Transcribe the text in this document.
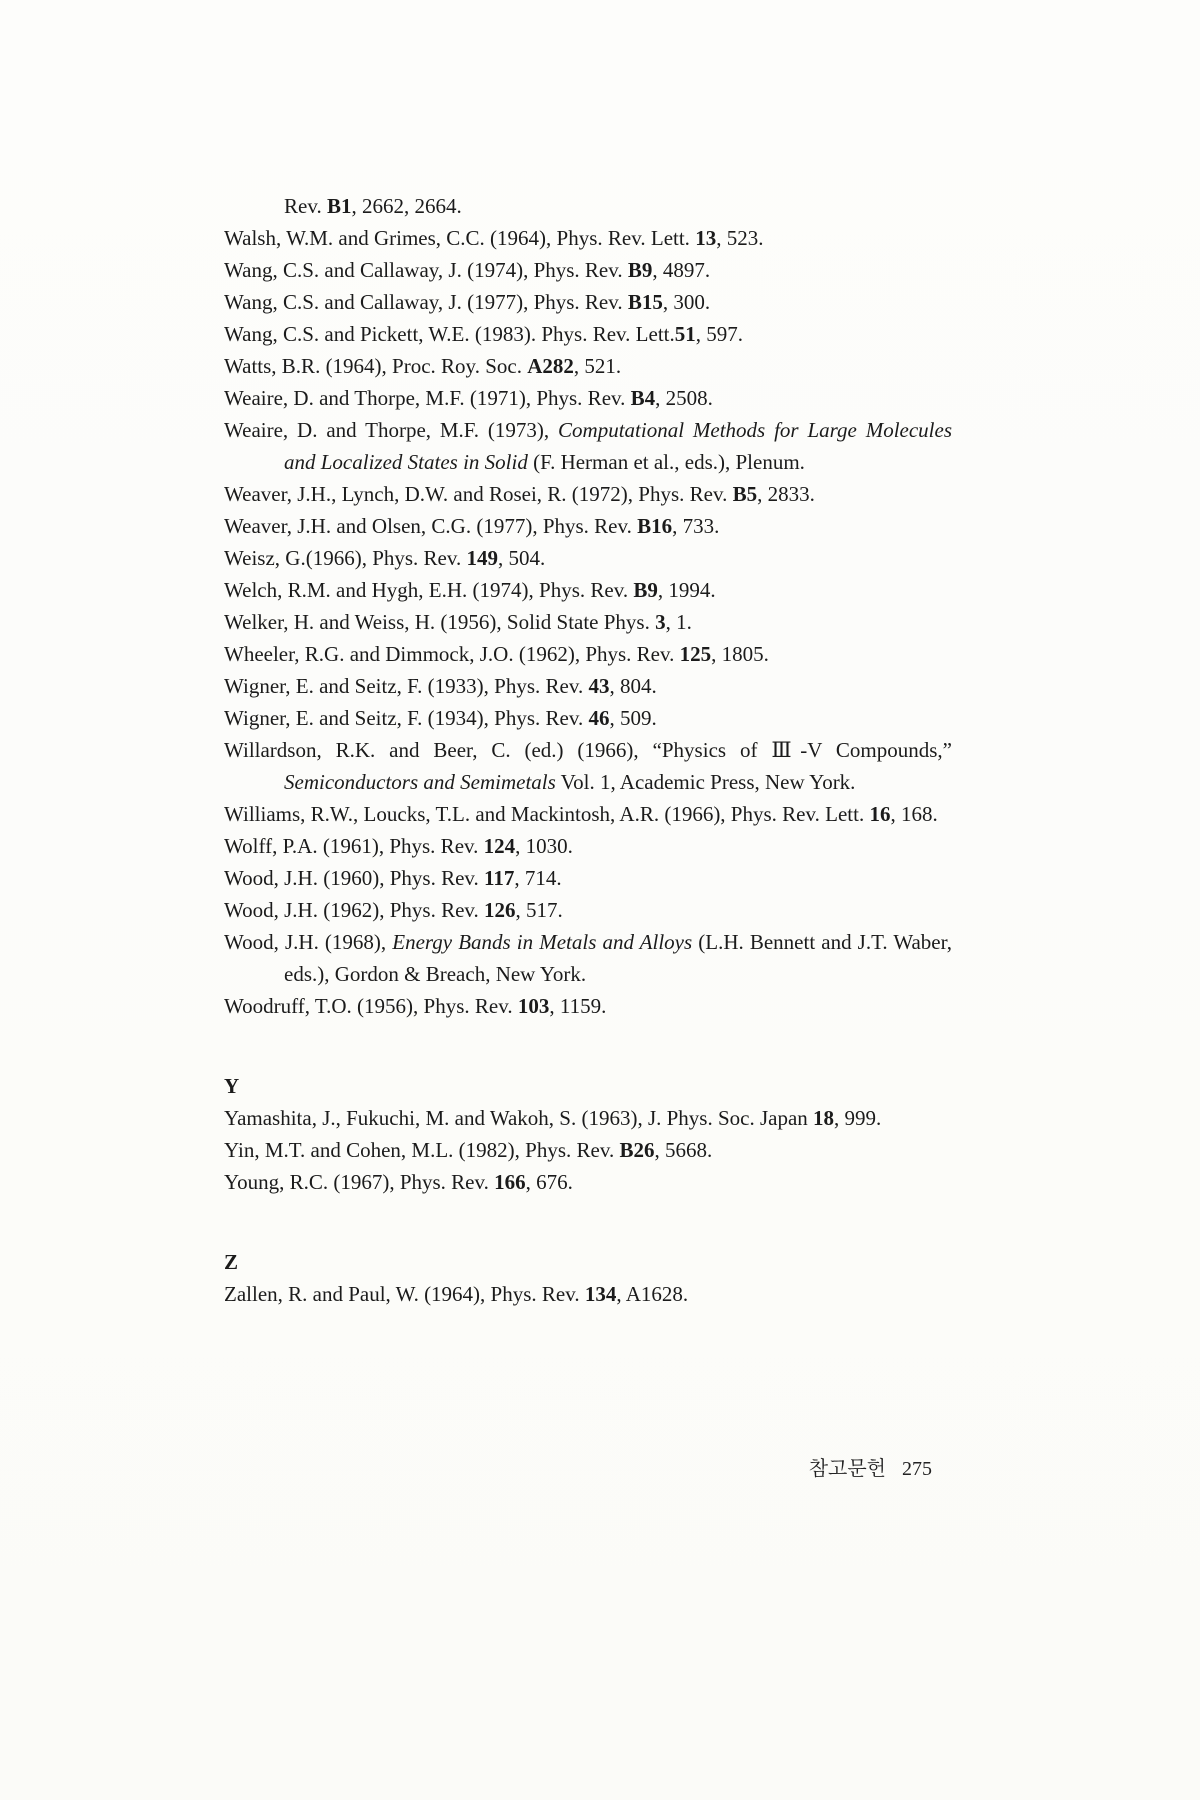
Rev. B1, 2662, 2664.

Walsh, W.M. and Grimes, C.C. (1964), Phys. Rev. Lett. 13, 523.

Wang, C.S. and Callaway, J. (1974), Phys. Rev. B9, 4897.

Wang, C.S. and Callaway, J. (1977), Phys. Rev. B15, 300.

Wang, C.S. and Pickett, W.E. (1983). Phys. Rev. Lett.51, 597.

Watts, B.R. (1964), Proc. Roy. Soc. A282, 521.

Weaire, D. and Thorpe, M.F. (1971), Phys. Rev. B4, 2508.

Weaire, D. and Thorpe, M.F. (1973), Computational Methods for Large Molecules and Localized States in Solid (F. Herman et al., eds.), Plenum.

Weaver, J.H., Lynch, D.W. and Rosei, R. (1972), Phys. Rev. B5, 2833.

Weaver, J.H. and Olsen, C.G. (1977), Phys. Rev. B16, 733.

Weisz, G.(1966), Phys. Rev. 149, 504.

Welch, R.M. and Hygh, E.H. (1974), Phys. Rev. B9, 1994.

Welker, H. and Weiss, H. (1956), Solid State Phys. 3, 1.

Wheeler, R.G. and Dimmock, J.O. (1962), Phys. Rev. 125, 1805.

Wigner, E. and Seitz, F. (1933), Phys. Rev. 43, 804.

Wigner, E. and Seitz, F. (1934), Phys. Rev. 46, 509.

Willardson, R.K. and Beer, C. (ed.) (1966), “Physics of Ⅲ-V Compounds,” Semiconductors and Semimetals Vol. 1, Academic Press, New York.

Williams, R.W., Loucks, T.L. and Mackintosh, A.R. (1966), Phys. Rev. Lett. 16, 168.

Wolff, P.A. (1961), Phys. Rev. 124, 1030.

Wood, J.H. (1960), Phys. Rev. 117, 714.

Wood, J.H. (1962), Phys. Rev. 126, 517.

Wood, J.H. (1968), Energy Bands in Metals and Alloys (L.H. Bennett and J.T. Waber, eds.), Gordon & Breach, New York.

Woodruff, T.O. (1956), Phys. Rev. 103, 1159.

Y

Yamashita, J., Fukuchi, M. and Wakoh, S. (1963), J. Phys. Soc. Japan 18, 999.

Yin, M.T. and Cohen, M.L. (1982), Phys. Rev. B26, 5668.

Young, R.C. (1967), Phys. Rev. 166, 676.

Z

Zallen, R. and Paul, W. (1964), Phys. Rev. 134, A1628.

참고문헌 275
